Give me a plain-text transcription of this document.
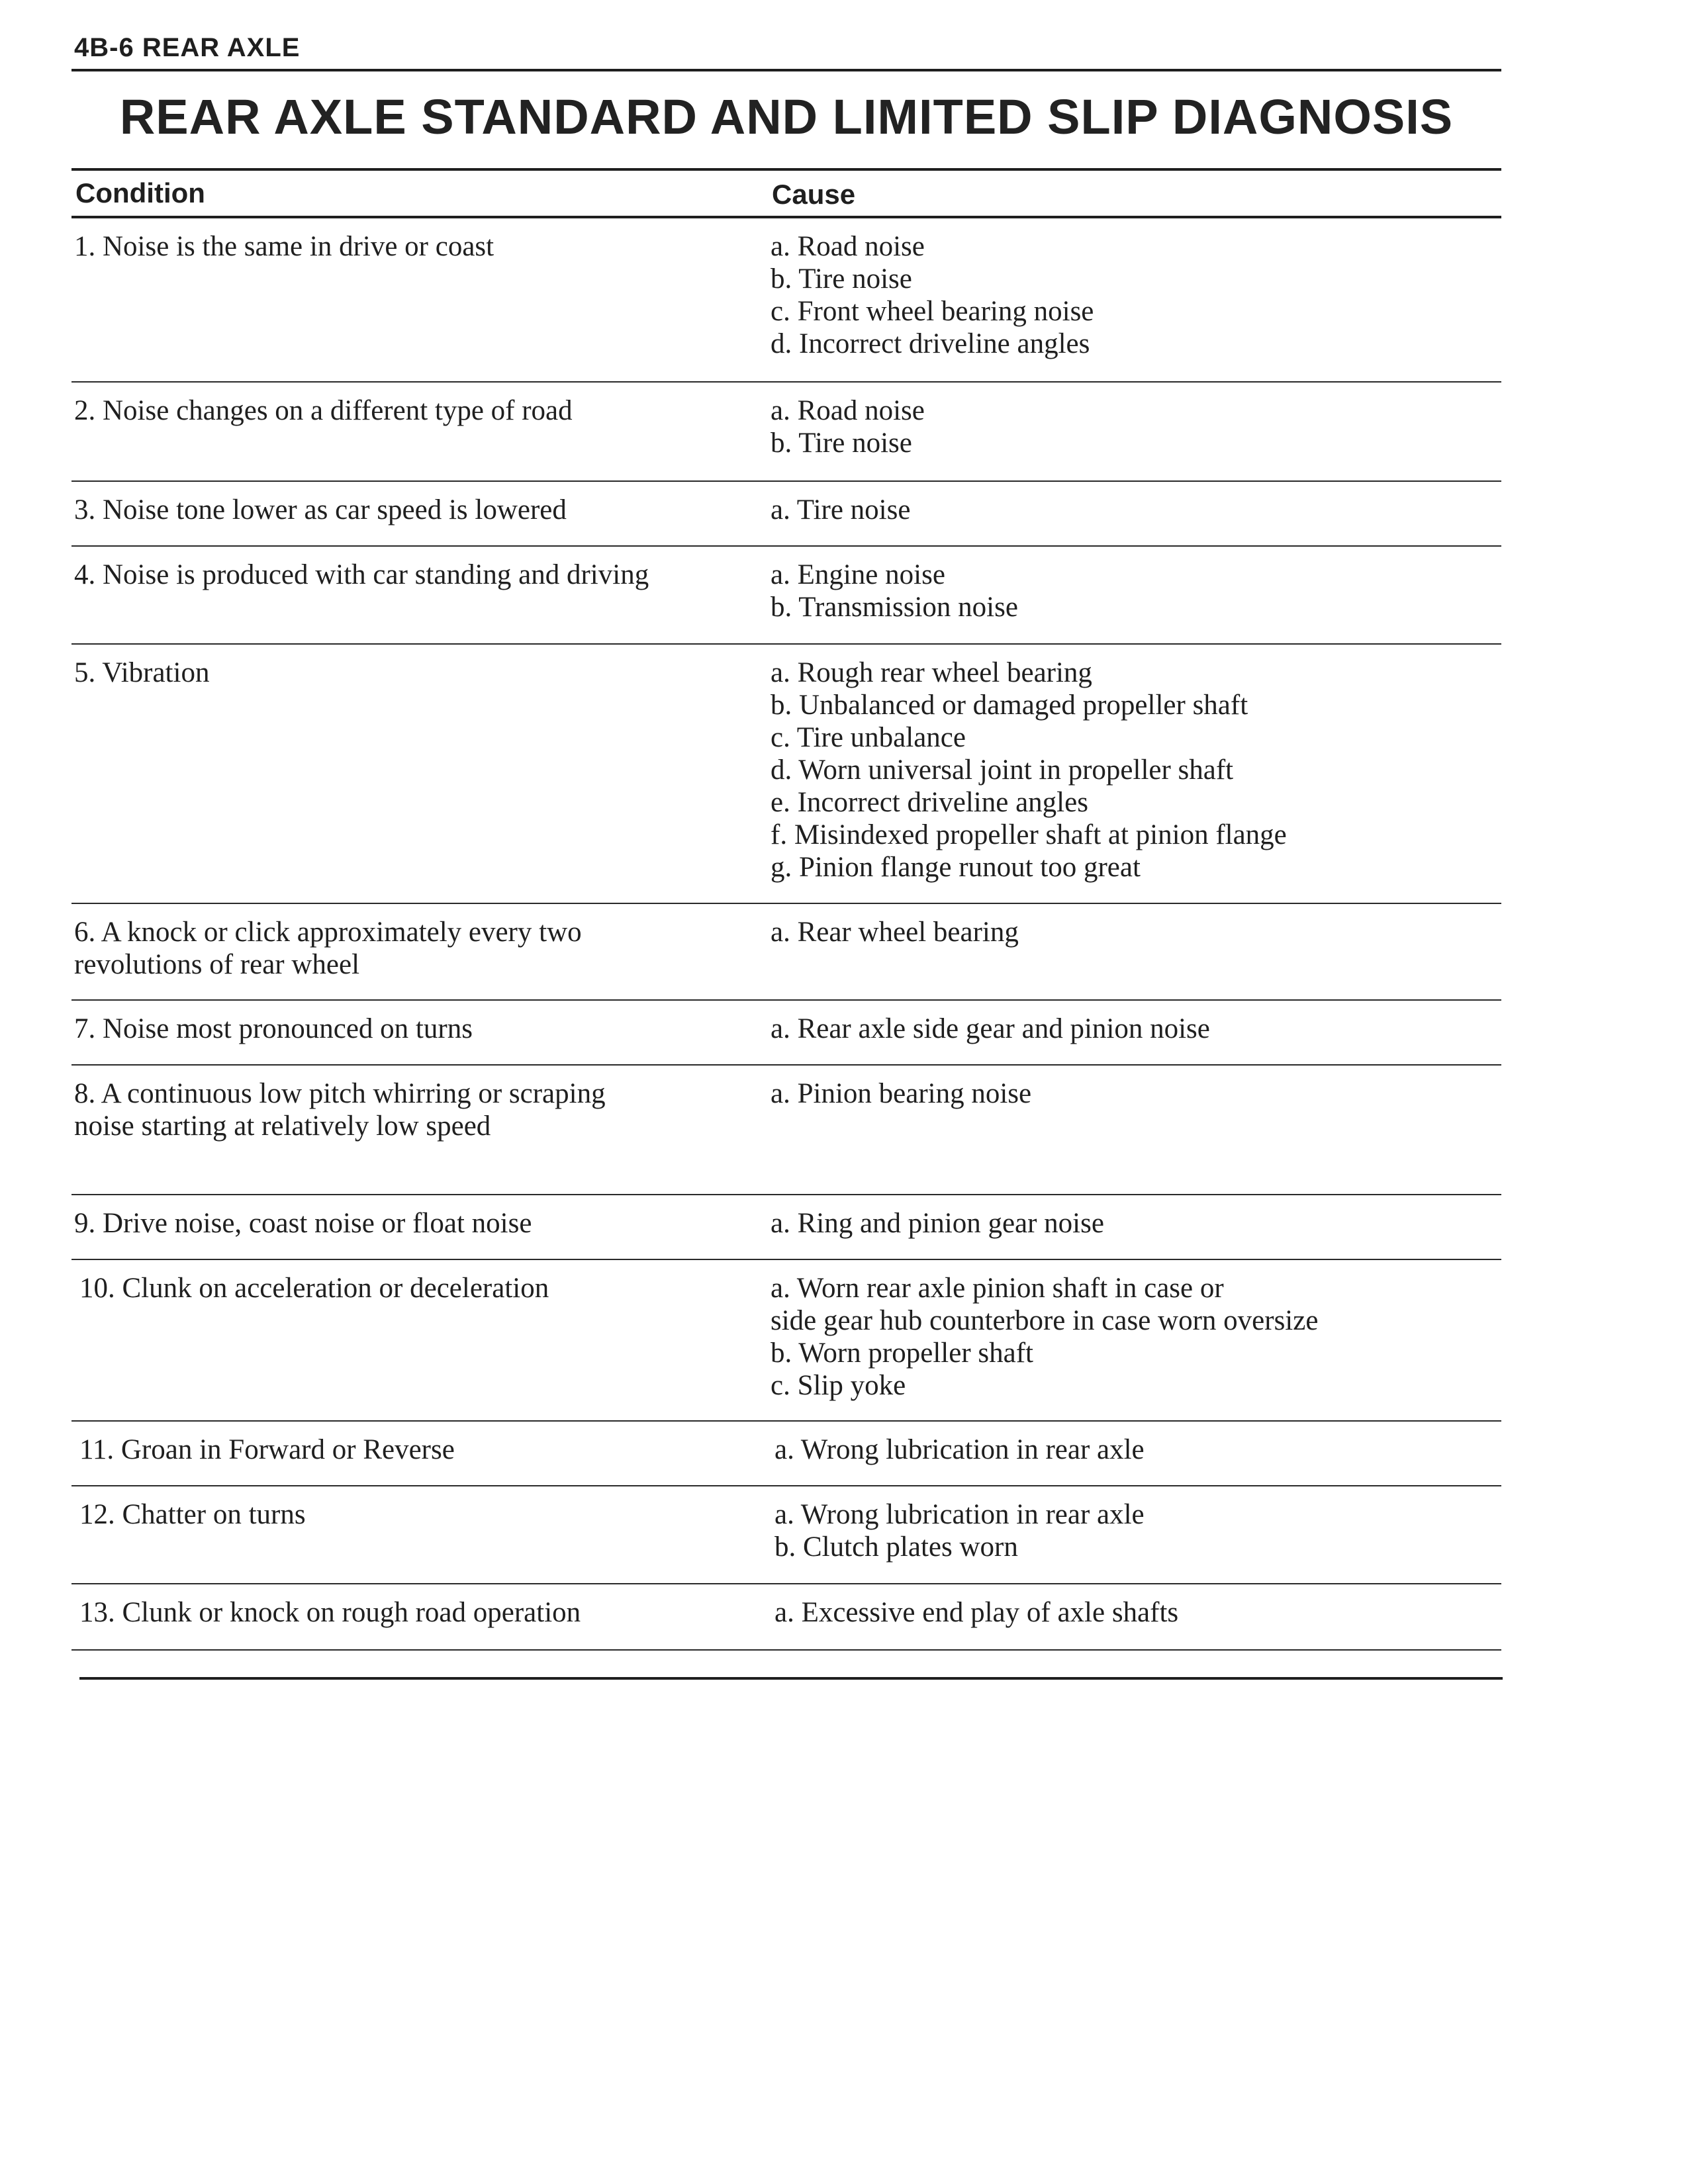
4B-6 REAR AXLE
REAR AXLE STANDARD AND LIMITED SLIP DIAGNOSIS
Condition	Cause
1. Noise is the same in drive or coast	a. Road noise
b. Tire noise
c. Front wheel bearing noise
d. Incorrect driveline angles
2. Noise changes on a different type of road	a. Road noise
b. Tire noise
3. Noise tone lower as car speed is lowered	a. Tire noise
4. Noise is produced with car standing and driving	a. Engine noise
b. Transmission noise
5. Vibration	a. Rough rear wheel bearing
b. Unbalanced or damaged propeller shaft
c. Tire unbalance
d. Worn universal joint in propeller shaft
e. Incorrect driveline angles
f. Misindexed propeller shaft at pinion flange
g. Pinion flange runout too great
6. A knock or click approximately every two revolutions of rear wheel
a. Rear wheel bearing
7. Noise most pronounced on turns	a. Rear axle side gear and pinion noise
8. A continuous low pitch whirring or scraping noise starting at relatively low speed
a. Pinion bearing noise
9. Drive noise, coast noise or float noise	a. Ring and pinion gear noise
10. Clunk on acceleration or deceleration	a. Worn rear axle pinion shaft in case or
side gear hub counterbore in case worn oversize
b. Worn propeller shaft
c. Slip yoke
11. Groan in Forward or Reverse	a. Wrong lubrication in rear axle
12. Chatter on turns	a. Wrong lubrication in rear axle
b. Clutch plates worn
13. Clunk or knock on rough road operation	a. Excessive end play of axle shafts
